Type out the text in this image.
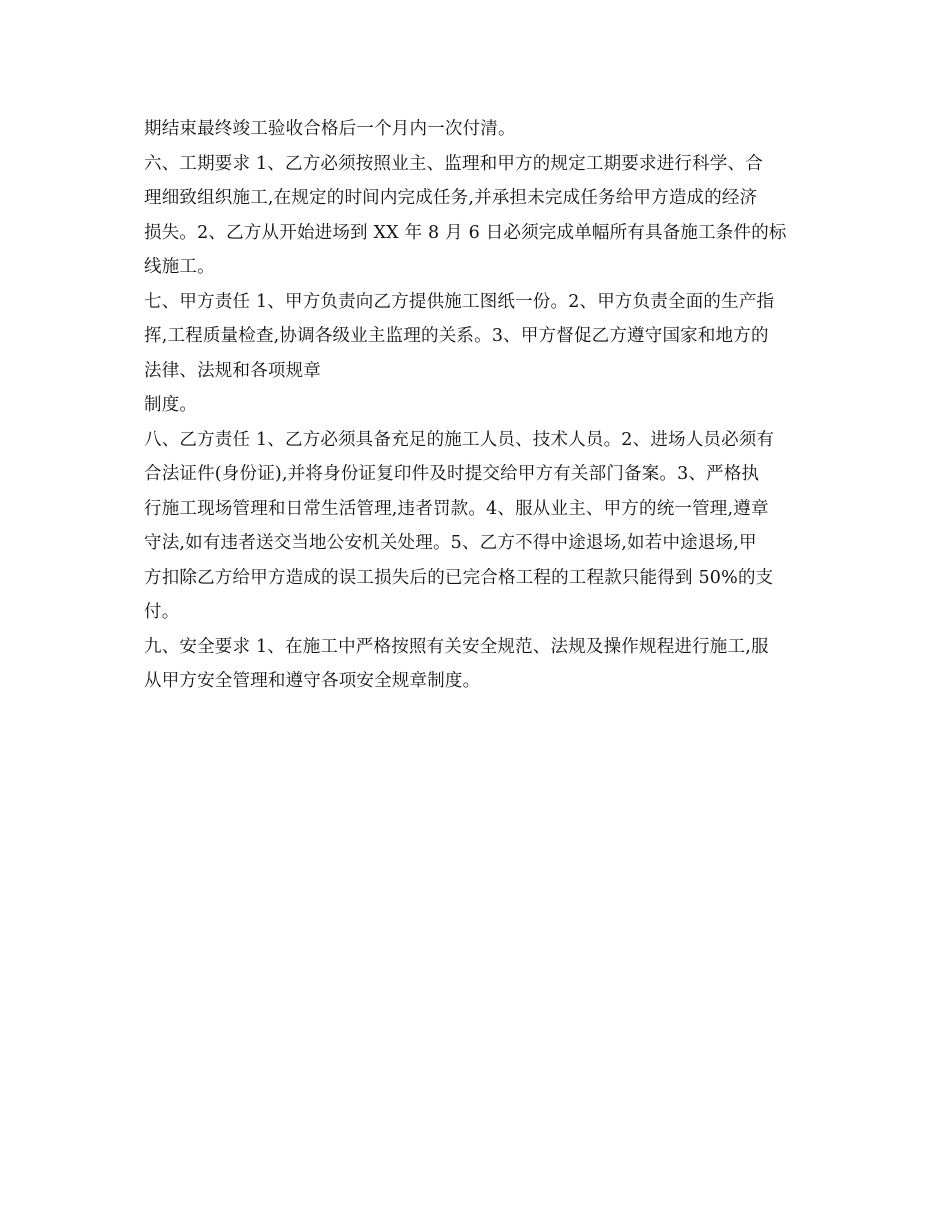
期结束最终竣工验收合格后一个月内一次付清。
六、工期要求 1、乙方必须按照业主、监理和甲方的规定工期要求进行科学、合
理细致组织施工,在规定的时间内完成任务,并承担未完成任务给甲方造成的经济
损失。2、乙方从开始进场到 XX 年 8 月 6 日必须完成单幅所有具备施工条件的标
线施工。
七、甲方责任 1、甲方负责向乙方提供施工图纸一份。2、甲方负责全面的生产指
挥,工程质量检查,协调各级业主监理的关系。3、甲方督促乙方遵守国家和地方的
法律、法规和各项规章
制度。
八、乙方责任 1、乙方必须具备充足的施工人员、技术人员。2、进场人员必须有
合法证件(身份证),并将身份证复印件及时提交给甲方有关部门备案。3、严格执
行施工现场管理和日常生活管理,违者罚款。4、服从业主、甲方的统一管理,遵章
守法,如有违者送交当地公安机关处理。5、乙方不得中途退场,如若中途退场,甲
方扣除乙方给甲方造成的误工损失后的已完合格工程的工程款只能得到 50%的支
付。
九、安全要求 1、在施工中严格按照有关安全规范、法规及操作规程进行施工,服
从甲方安全管理和遵守各项安全规章制度。
